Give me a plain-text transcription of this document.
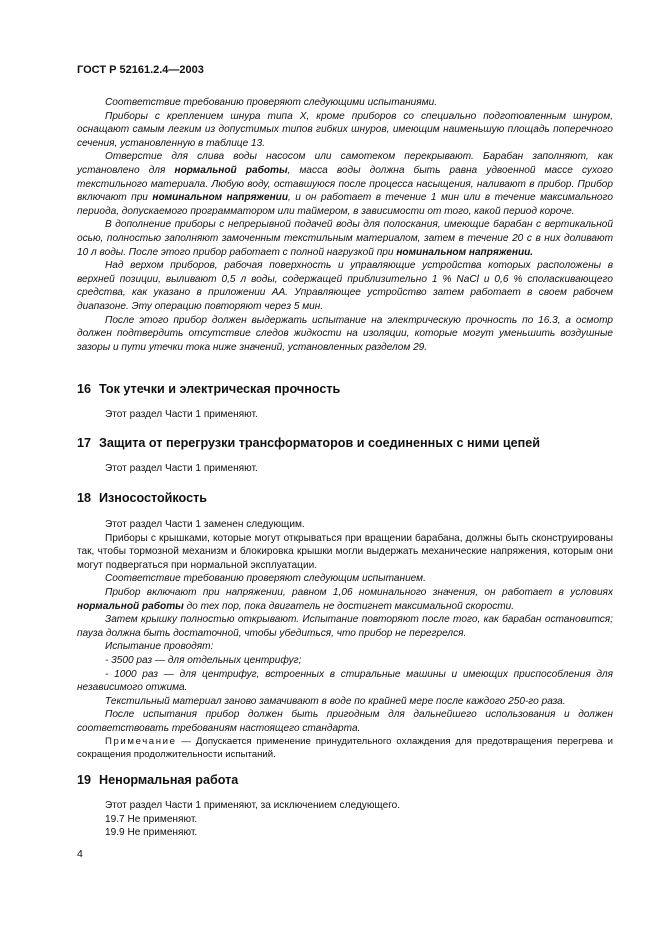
ГОСТ Р 52161.2.4—2003

Соответствие требованию проверяют следующими испытаниями.

Приборы с креплением шнура типа X, кроме приборов со специально подготовленным шнуром, оснащают самым легким из допустимых типов гибких шнуров, имеющим наименьшую площадь поперечного сечения, установленную в таблице 13.

Отверстие для слива воды насосом или самотеком перекрывают. Барабан заполняют, как установлено для нормальной работы, масса воды должна быть равна удвоенной массе сухого текстильного материала. Любую воду, оставшуюся после процесса насыщения, наливают в прибор. Прибор включают при номинальном напряжении, и он работает в течение 1 мин или в течение максимального периода, допускаемого программатором или таймером, в зависимости от того, какой период короче.

В дополнение приборы с непрерывной подачей воды для полоскания, имеющие барабан с вертикальной осью, полностью заполняют замоченным текстильным материалом, затем в течение 20 с в них доливают 10 л воды. После этого прибор работает с полной нагрузкой при номинальном напряжении.

Над верхом приборов, рабочая поверхность и управляющие устройства которых расположены в верхней позиции, выливают 0,5 л воды, содержащей приблизительно 1 % NaCl и 0,6 % споласкивающего средства, как указано в приложении АА. Управляющее устройство затем работает в своем рабочем диапазоне. Эту операцию повторяют через 5 мин.

После этого прибор должен выдержать испытание на электрическую прочность по 16.3, а осмотр должен подтвердить отсутствие следов жидкости на изоляции, которые могут уменьшить воздушные зазоры и пути утечки тока ниже значений, установленных разделом 29.

16 Ток утечки и электрическая прочность

Этот раздел Части 1 применяют.

17 Защита от перегрузки трансформаторов и соединенных с ними цепей

Этот раздел Части 1 применяют.

18 Износостойкость

Этот раздел Части 1 заменен следующим.

Приборы с крышками, которые могут открываться при вращении барабана, должны быть сконструированы так, чтобы тормозной механизм и блокировка крышки могли выдержать механические напряжения, которым они могут подвергаться при нормальной эксплуатации.

Соответствие требованию проверяют следующим испытанием.

Прибор включают при напряжении, равном 1,06 номинального значения, он работает в условиях нормальной работы до тех пор, пока двигатель не достигнет максимальной скорости.

Затем крышку полностью открывают. Испытание повторяют после того, как барабан остановится; пауза должна быть достаточной, чтобы убедиться, что прибор не перегрелся.

Испытание проводят:

- 3500 раз — для отдельных центрифуг;

- 1000 раз — для центрифуг, встроенных в стиральные машины и имеющих приспособления для независимого отжима.

Текстильный материал заново замачивают в воде по крайней мере после каждого 250-го раза.

После испытания прибор должен быть пригодным для дальнейшего использования и должен соответствовать требованиям настоящего стандарта.

Примечание — Допускается применение принудительного охлаждения для предотвращения перегрева и сокращения продолжительности испытаний.

19 Ненормальная работа

Этот раздел Части 1 применяют, за исключением следующего.

19.7 Не применяют.

19.9 Не применяют.

4
